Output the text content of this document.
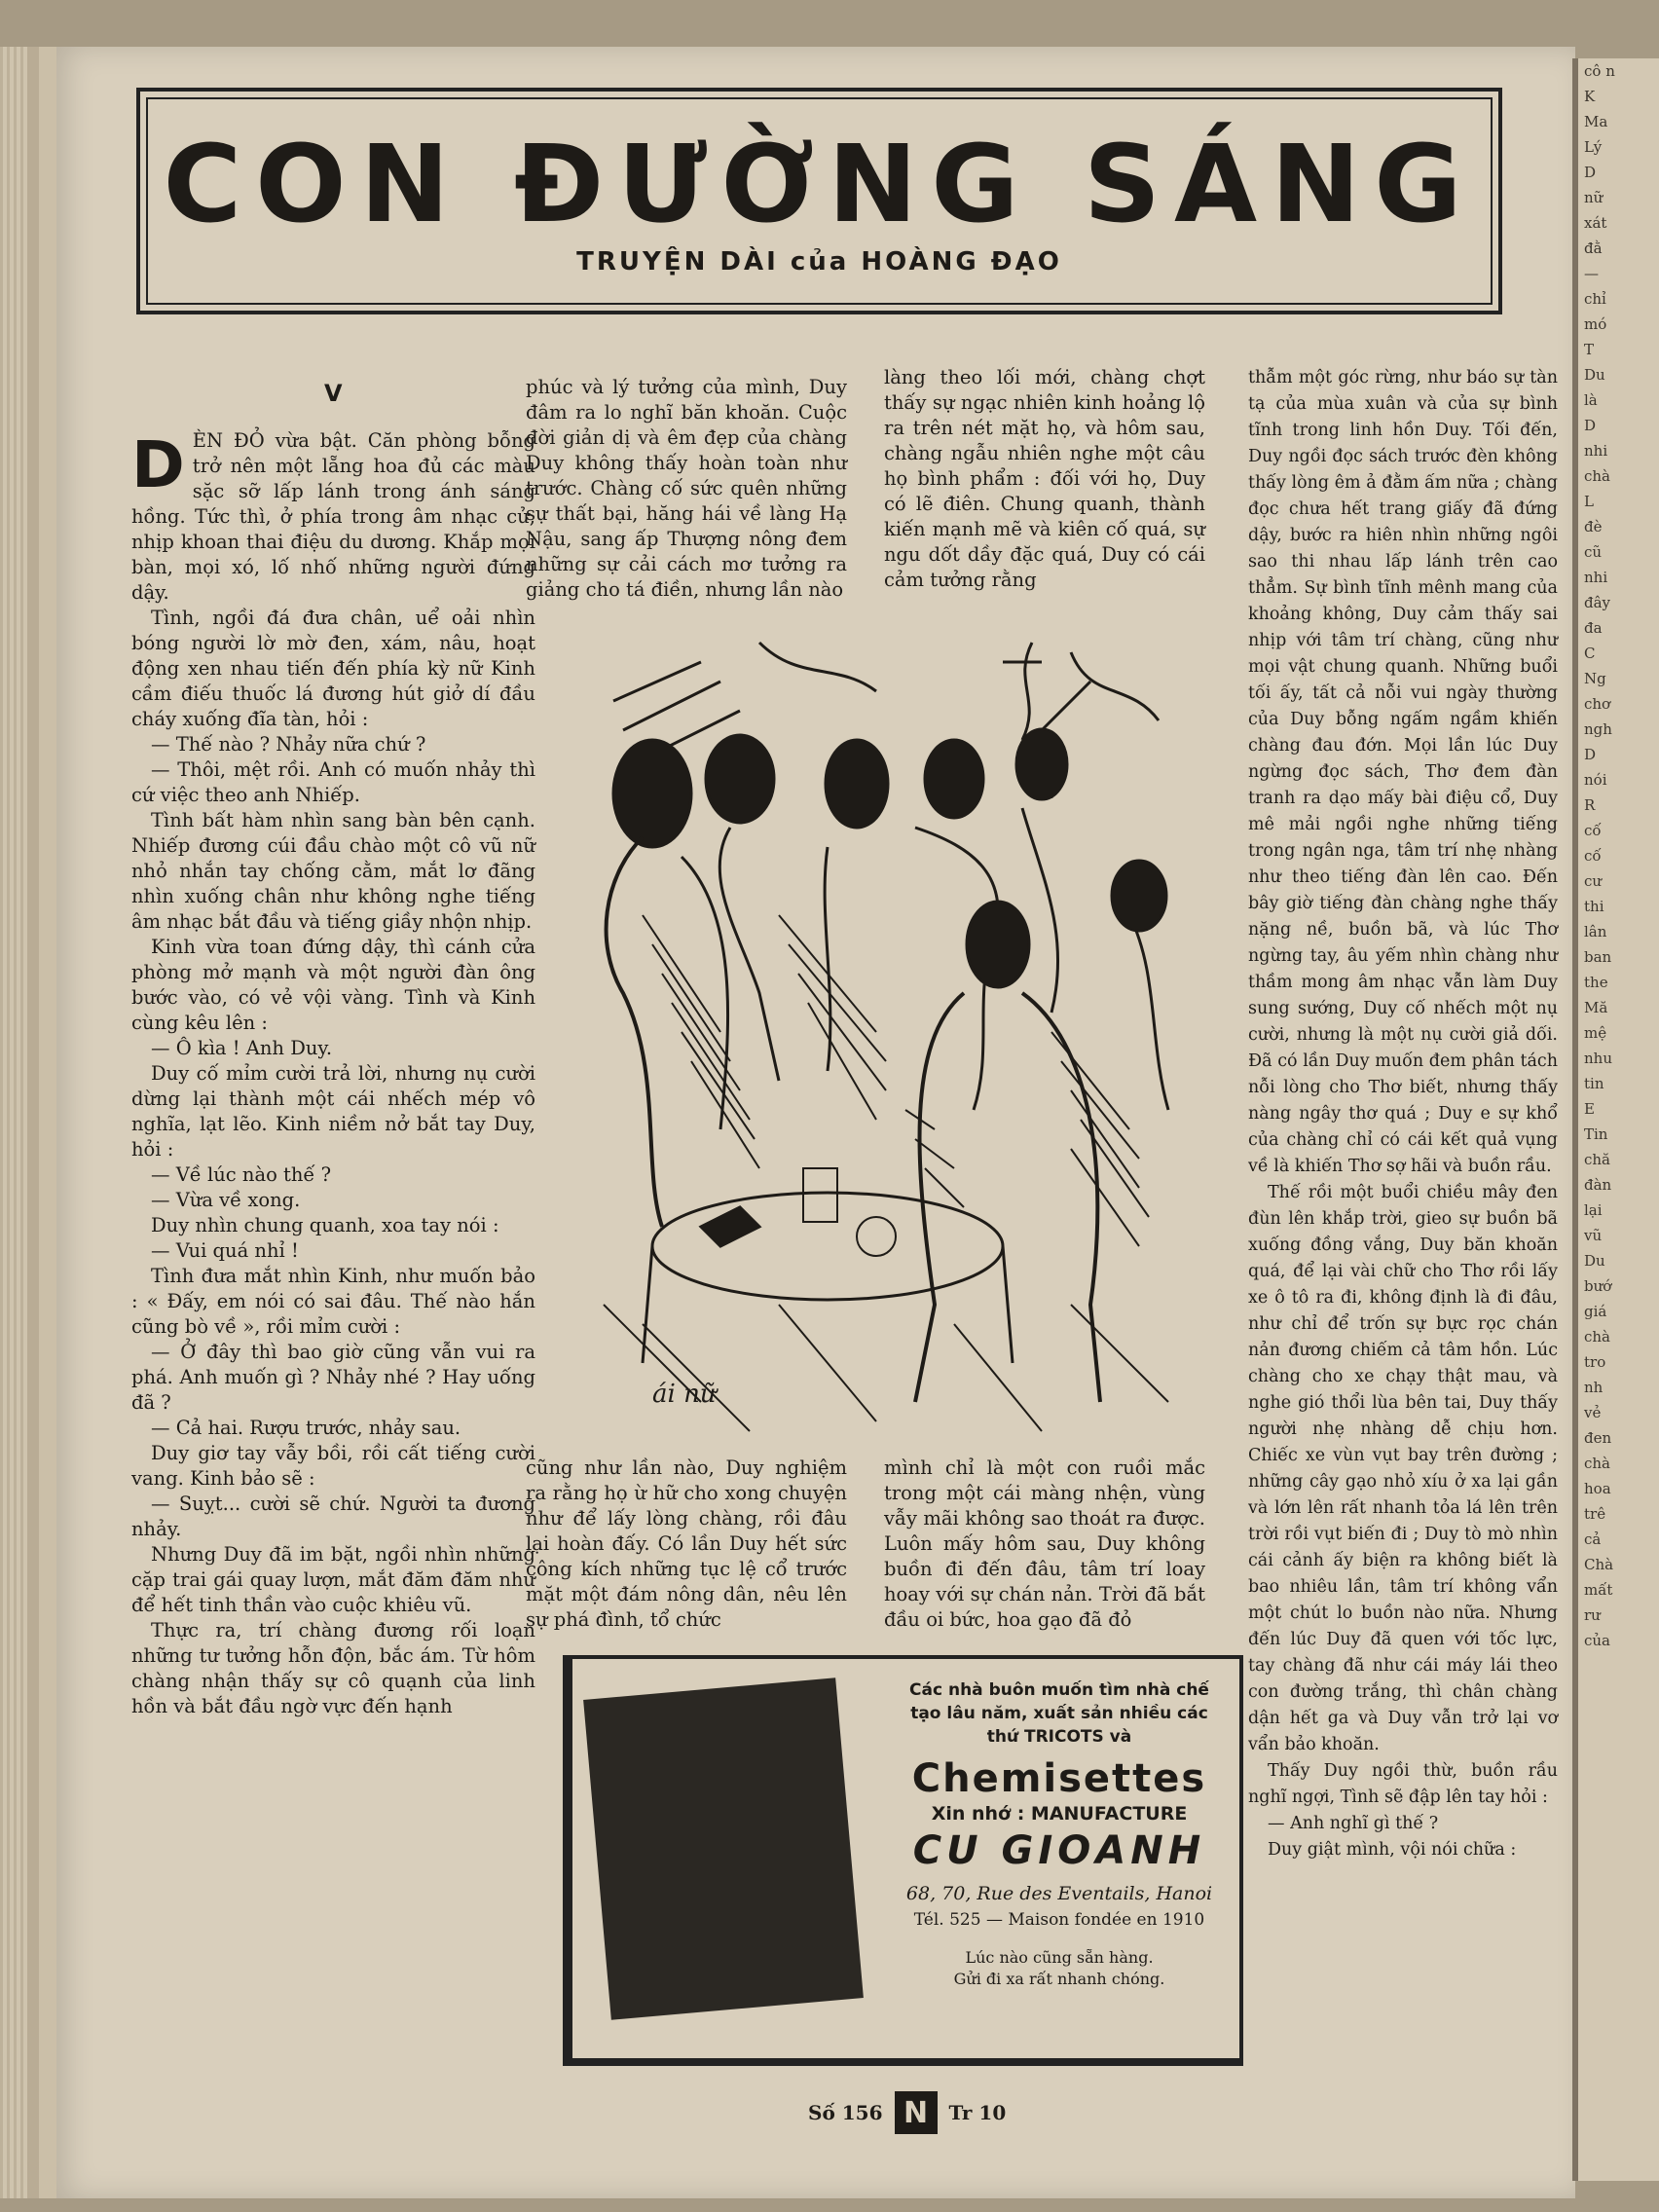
cô n
K
Ma
Lý
D
nữ
xát
đằ
—
chỉ
mó
T
Du
là
D
nhi
chà
L
đè
cũ
nhi
đây
đa
C
Ng
chơ
ngh
D
nói
R
cố
cố
cư
thi
lân
ban
the
Mă
mệ
nhu
tin
E
Tin
chă
đàn
lại
vũ
Du
bướ
giá
chà
tro
nh
vẻ
đen
chà
hoa
trê
cả
Chà
mất
rư
của
CON ĐƯỜNG SÁNG
TRUYỆN DÀI của HOÀNG ĐẠO
V

DÈN ĐỎ vừa bật. Căn phòng bỗng trở nên một lẵng hoa đủ các màu sặc sỡ lấp lánh trong ánh sáng hồng. Tức thì, ở phía trong âm nhạc cử, nhịp khoan thai điệu du dương. Khắp mọi bàn, mọi xó, lố nhố những người đứng dậy.

Tình, ngồi đá đưa chân, uể oải nhìn bóng người lờ mờ đen, xám, nâu, hoạt động xen nhau tiến đến phía kỳ nữ Kinh cầm điếu thuốc lá đương hút giở dí đầu cháy xuống đĩa tàn, hỏi :

— Thế nào ? Nhảy nữa chứ ?

— Thôi, mệt rồi. Anh có muốn nhảy thì cứ việc theo anh Nhiếp.

Tình bất hàm nhìn sang bàn bên cạnh. Nhiếp đương cúi đầu chào một cô vũ nữ nhỏ nhắn tay chống cằm, mắt lơ đãng nhìn xuống chân như không nghe tiếng âm nhạc bắt đầu và tiếng giầy nhộn nhịp.

Kinh vừa toan đứng dậy, thì cánh cửa phòng mở mạnh và một người đàn ông bước vào, có vẻ vội vàng. Tình và Kinh cùng kêu lên :

— Ô kìa ! Anh Duy.

Duy cố mỉm cười trả lời, nhưng nụ cười dừng lại thành một cái nhếch mép vô nghĩa, lạt lẽo. Kinh niềm nở bắt tay Duy, hỏi :

— Về lúc nào thế ?

— Vừa về xong.

Duy nhìn chung quanh, xoa tay nói :

— Vui quá nhỉ !

Tình đưa mắt nhìn Kinh, như muốn bảo : « Đấy, em nói có sai đâu. Thế nào hắn cũng bò về », rồi mỉm cười :

— Ở đây thì bao giờ cũng vẫn vui ra phá. Anh muốn gì ? Nhảy nhé ? Hay uống đã ?

— Cả hai. Rượu trước, nhảy sau.

Duy giơ tay vẫy bồi, rồi cất tiếng cười vang. Kinh bảo sẽ :

— Suỵt... cười sẽ chứ. Người ta đương nhảy.

Nhưng Duy đã im bặt, ngồi nhìn những cặp trai gái quay lượn, mắt đăm đăm như để hết tinh thần vào cuộc khiêu vũ.

Thực ra, trí chàng đương rối loạn những tư tưởng hỗn độn, bắc ám. Từ hôm chàng nhận thấy sự cô quạnh của linh hồn và bắt đầu ngờ vực đến hạnh

phúc và lý tưởng của mình, Duy đâm ra lo nghĩ băn khoăn. Cuộc đời giản dị và êm đẹp của chàng Duy không thấy hoàn toàn như trước. Chàng cố sức quên những sự thất bại, hăng hái về làng Hạ Nậu, sang ấp Thượng nông đem những sự cải cách mơ tưởng ra giảng cho tá điền, nhưng lần nào

làng theo lối mới, chàng chợt thấy sự ngạc nhiên kinh hoảng lộ ra trên nét mặt họ, và hôm sau, chàng ngẫu nhiên nghe một câu họ bình phẩm : đối với họ, Duy có lẽ điên. Chung quanh, thành kiến mạnh mẽ và kiên cố quá, sự ngu dốt dầy đặc quá, Duy có cái cảm tưởng rằng

thẫm một góc rừng, như báo sự tàn tạ của mùa xuân và của sự bình tĩnh trong linh hồn Duy. Tối đến, Duy ngồi đọc sách trước đèn không thấy lòng êm ả đằm ấm nữa ; chàng đọc chưa hết trang giấy đã đứng dậy, bước ra hiên nhìn những ngôi sao thi nhau lấp lánh trên cao thẳm. Sự bình tĩnh mênh mang của khoảng không, Duy cảm thấy sai nhịp với tâm trí chàng, cũng như mọi vật chung quanh. Những buổi tối ấy, tất cả nỗi vui ngày thường của Duy bỗng ngấm ngầm khiến chàng đau đớn. Mọi lần lúc Duy ngừng đọc sách, Thơ đem đàn tranh ra dạo mấy bài điệu cổ, Duy mê mải ngồi nghe những tiếng trong ngân nga, tâm trí nhẹ nhàng như theo tiếng đàn lên cao. Đến bây giờ tiếng đàn chàng nghe thấy nặng nề, buồn bã, và lúc Thơ ngừng tay, âu yếm nhìn chàng như thầm mong âm nhạc vẫn làm Duy sung sướng, Duy cố nhếch một nụ cười, nhưng là một nụ cười giả dối. Đã có lần Duy muốn đem phân tách nỗi lòng cho Thơ biết, nhưng thấy nàng ngây thơ quá ; Duy e sự khổ của chàng chỉ có cái kết quả vụng về là khiến Thơ sợ hãi và buồn rầu.

Thế rồi một buổi chiều mây đen đùn lên khắp trời, gieo sự buồn bã xuống đồng vắng, Duy băn khoăn quá, để lại vài chữ cho Thơ rồi lấy xe ô tô ra đi, không định là đi đâu, như chỉ để trốn sự bực rọc chán nản đương chiếm cả tâm hồn. Lúc chàng cho xe chạy thật mau, và nghe gió thổi lùa bên tai, Duy thấy người nhẹ nhàng dễ chịu hơn. Chiếc xe vùn vụt bay trên đường ; những cây gạo nhỏ xíu ở xa lại gần và lớn lên rất nhanh tỏa lá lên trên trời rồi vụt biến đi ; Duy tò mò nhìn cái cảnh ấy biện ra không biết là bao nhiêu lần, tâm trí không vẩn một chút lo buồn nào nữa. Nhưng đến lúc Duy đã quen với tốc lực, tay chàng đã như cái máy lái theo con đường trắng, thì chân chàng dận hết ga và Duy vẫn trở lại vơ vẩn bảo khoăn.

Thấy Duy ngồi thừ, buồn rầu nghĩ ngợi, Tình sẽ đập lên tay hỏi :

— Anh nghĩ gì thế ?

Duy giật mình, vội nói chữa :

ái nữ

cũng như lần nào, Duy nghiệm ra rằng họ ừ hữ cho xong chuyện như để lấy lòng chàng, rồi đâu lại hoàn đấy. Có lần Duy hết sức công kích những tục lệ cổ trước mặt một đám nông dân, nêu lên sự phá đình, tổ chức

mình chỉ là một con ruồi mắc trong một cái màng nhện, vùng vẫy mãi không sao thoát ra được. Luôn mấy hôm sau, Duy không buồn đi đến đâu, tâm trí loay hoay với sự chán nản. Trời đã bắt đầu oi bức, hoa gạo đã đỏ

Các nhà buôn muốn tìm nhà chế tạo lâu năm, xuất sản nhiều các thứ TRICOTS và
Chemisettes
Xin nhớ : MANUFACTURE
CU GIOANH
68, 70, Rue des Eventails, Hanoi
Tél. 525 — Maison fondée en 1910
Lúc nào cũng sẵn hàng.
Gửi đi xa rất nhanh chóng.
Số 156 N	Tr 10
